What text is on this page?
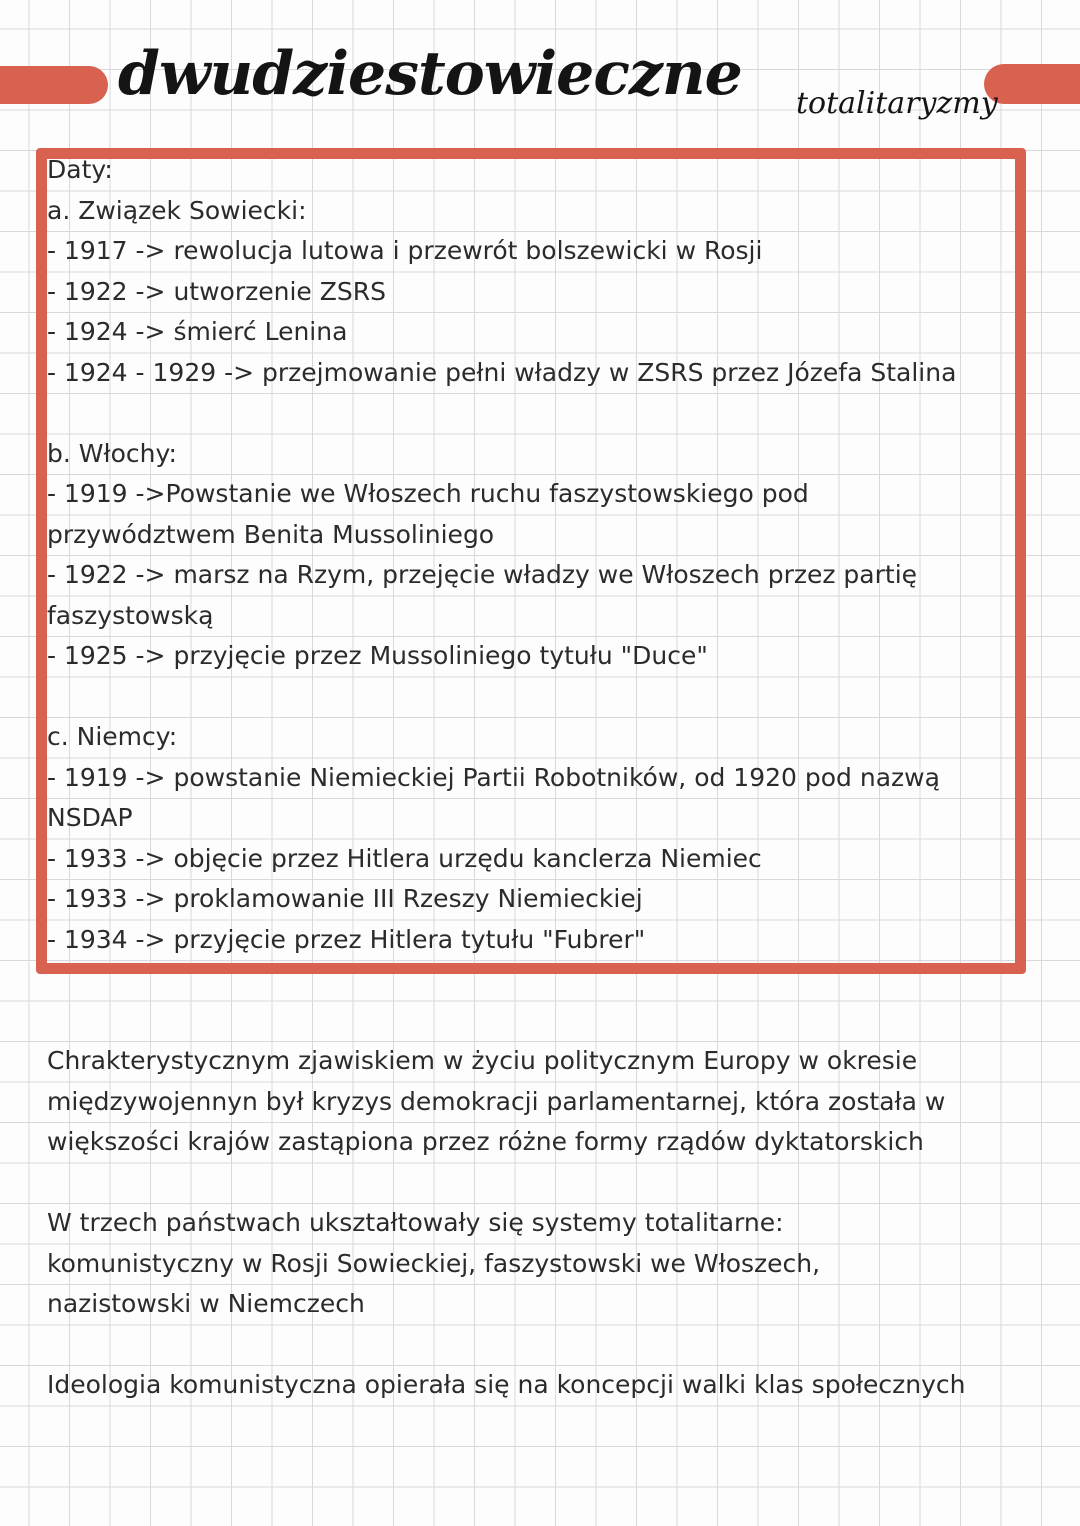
dwudziestowieczne totalitaryzmy
Daty:
a. Związek Sowiecki:
- 1917 -> rewolucja lutowa i przewrót bolszewicki w Rosji
- 1922 -> utworzenie ZSRS
- 1924 -> śmierć Lenina
- 1924 - 1929 -> przejmowanie pełni władzy w ZSRS przez Józefa Stalina
b. Włochy:
- 1919 ->Powstanie we Włoszech ruchu faszystowskiego pod
przywództwem Benita Mussoliniego
- 1922 -> marsz na Rzym, przejęcie władzy we Włoszech przez partię
faszystowską
- 1925 -> przyjęcie przez Mussoliniego tytułu "Duce"
c. Niemcy:
- 1919 -> powstanie Niemieckiej Partii Robotników, od 1920 pod nazwą
NSDAP
- 1933 -> objęcie przez Hitlera urzędu kanclerza Niemiec
- 1933 -> proklamowanie III Rzeszy Niemieckiej
- 1934 -> przyjęcie przez Hitlera tytułu "Fubrer"
Chrakterystycznym zjawiskiem w życiu politycznym Europy w okresie
międzywojennyn był kryzys demokracji parlamentarnej, która została w
większości krajów zastąpiona przez różne formy rządów dyktatorskich
W trzech państwach ukształtowały się systemy totalitarne:
komunistyczny w Rosji Sowieckiej, faszystowski we Włoszech,
nazistowski w Niemczech
Ideologia komunistyczna opierała się na koncepcji walki klas społecznych
